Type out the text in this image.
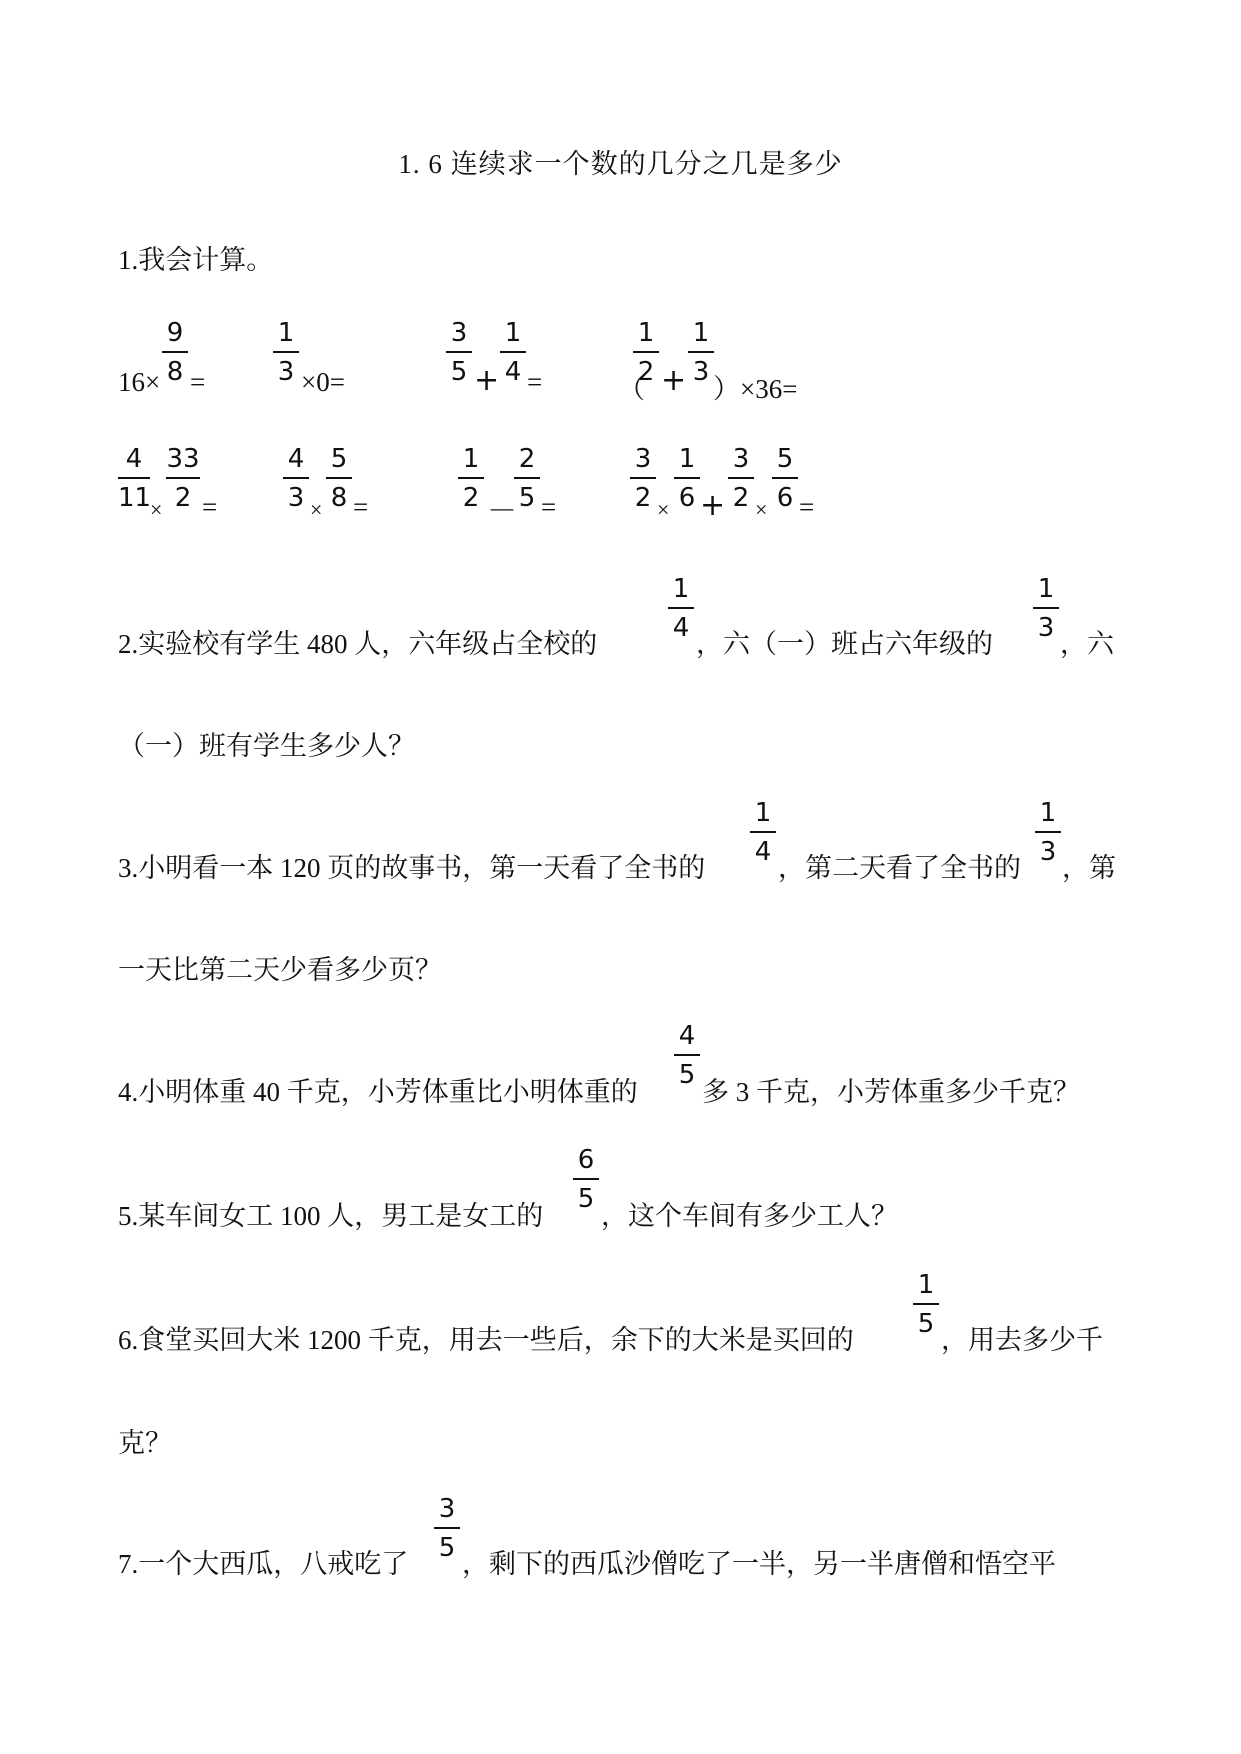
1. 6 连续求一个数的几分之几是多少
1.我会计算。
16×
9
8 =
1
3 ×0=
3
5 +
1
4 =	（
1
2 +
1
3
）×36=
4
11
×
33
2 =
4
3 ×
5
8 =
1
2 －
2
5 =
3
2 ×
1
6 +
3
2 ×
5
6 =
2.实验校有学生 480 人，六年级占全校的
1
4
，六（一）班占六年级的
1
3
，六
（一）班有学生多少人？
3.小明看一本 120 页的故事书，第一天看了全书的
1
4
，第二天看了全书的
1
3
，第
一天比第二天少看多少页？
4.小明体重 40 千克，小芳体重比小明体重的
4
5
多 3 千克，小芳体重多少千克？
5.某车间女工 100 人，男工是女工的
6
5
，这个车间有多少工人？
6.食堂买回大米 1200 千克，用去一些后，余下的大米是买回的
1
5
，用去多少千
克？
7.一个大西瓜，八戒吃了
3
5
，剩下的西瓜沙僧吃了一半，另一半唐僧和悟空平
